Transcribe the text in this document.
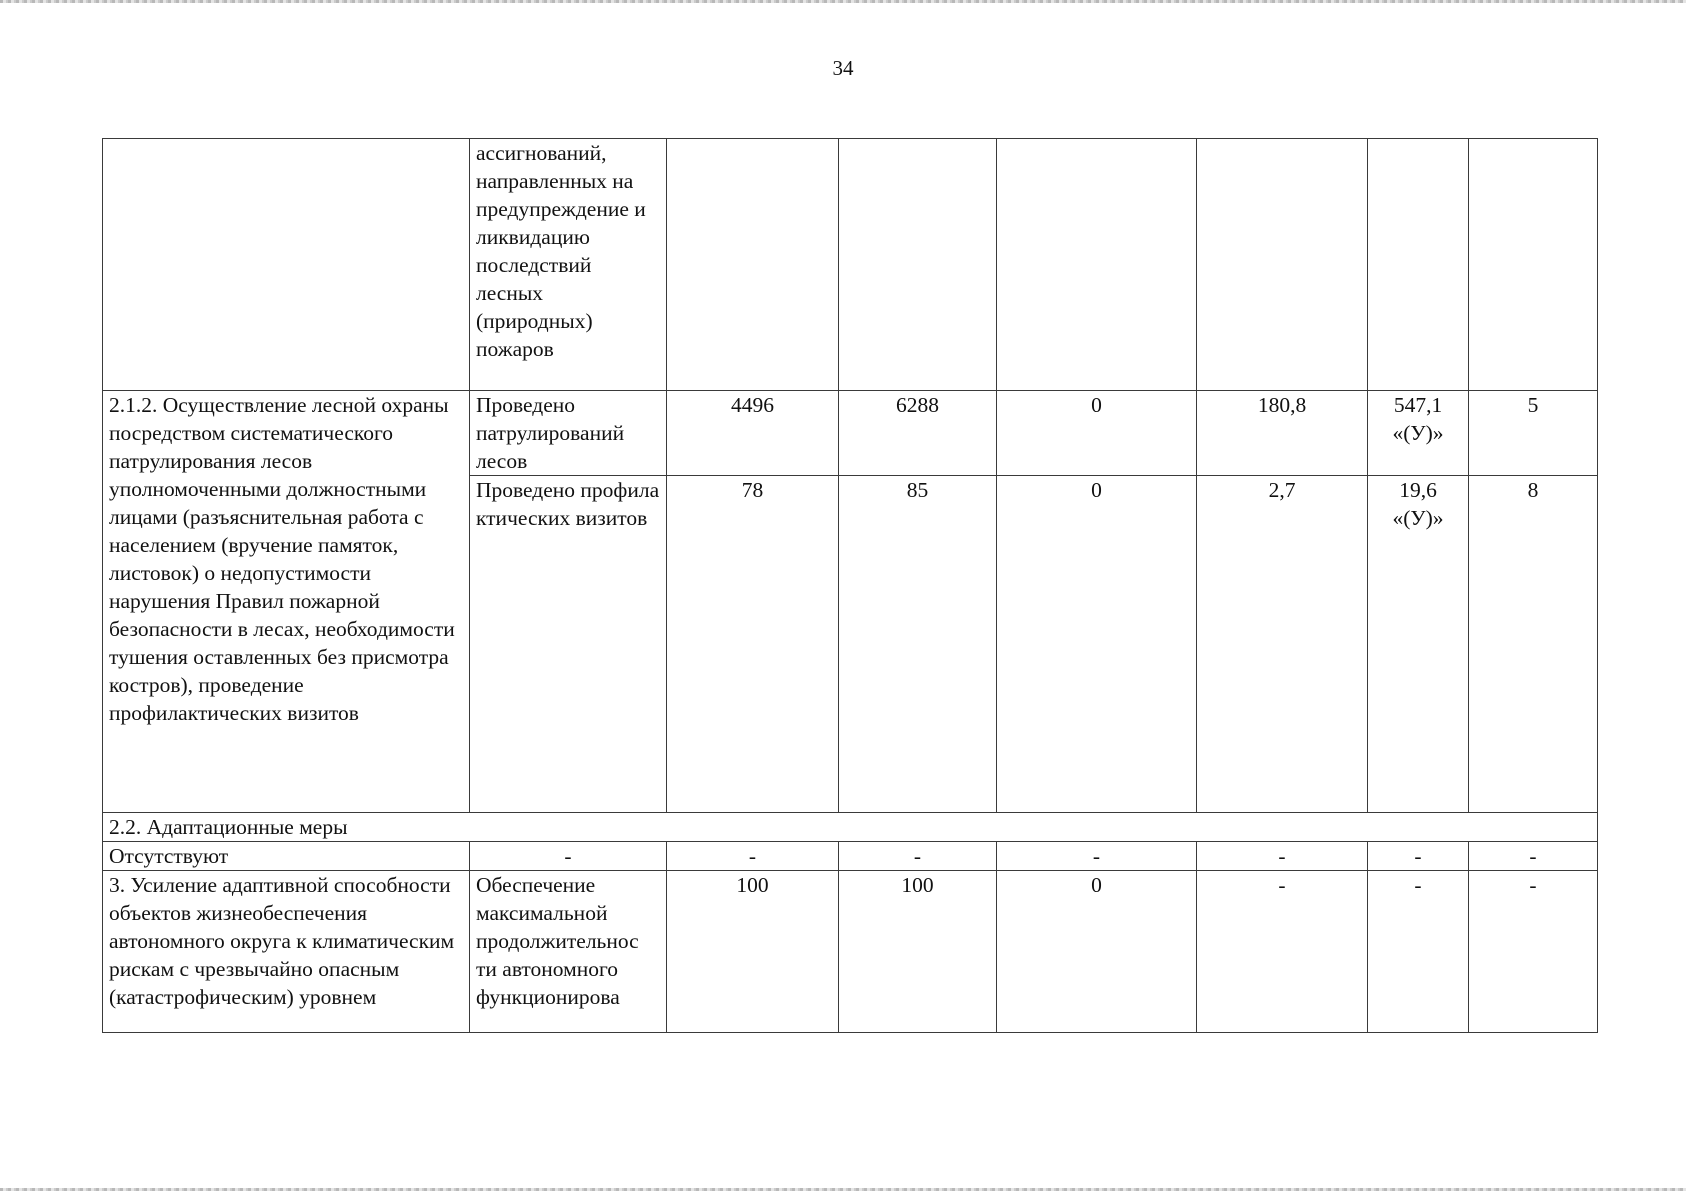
34
	ассигнований, направленных на предупреждение и ликвидацию последствий лесных (природных) пожаров						
2.1.2. Осуществление лесной охраны посредством систематического патрулирования лесов уполномоченными должностными лицами (разъяснительная работа с населением (вручение памяток, листовок) о недопустимости нарушения Правил пожарной безопасности в лесах, необходимости тушения оставленных без присмотра костров), проведение профилактических визитов	Проведено патрулирований лесов	4496	6288	0	180,8	547,1 «(У)»	5
	Проведено профилактических визитов	78	85	0	2,7	19,6 «(У)»	8
2.2. Адаптационные меры							
Отсутствуют	-	-	-	-	-	-	-
3. Усиление адаптивной способности объектов жизнеобеспечения автономного округа к климатическим рискам с чрезвычайно опасным (катастрофическим) уровнем	Обеспечение максимальной продолжительнос ти автономного функционирова	100	100	0	-	-	-
